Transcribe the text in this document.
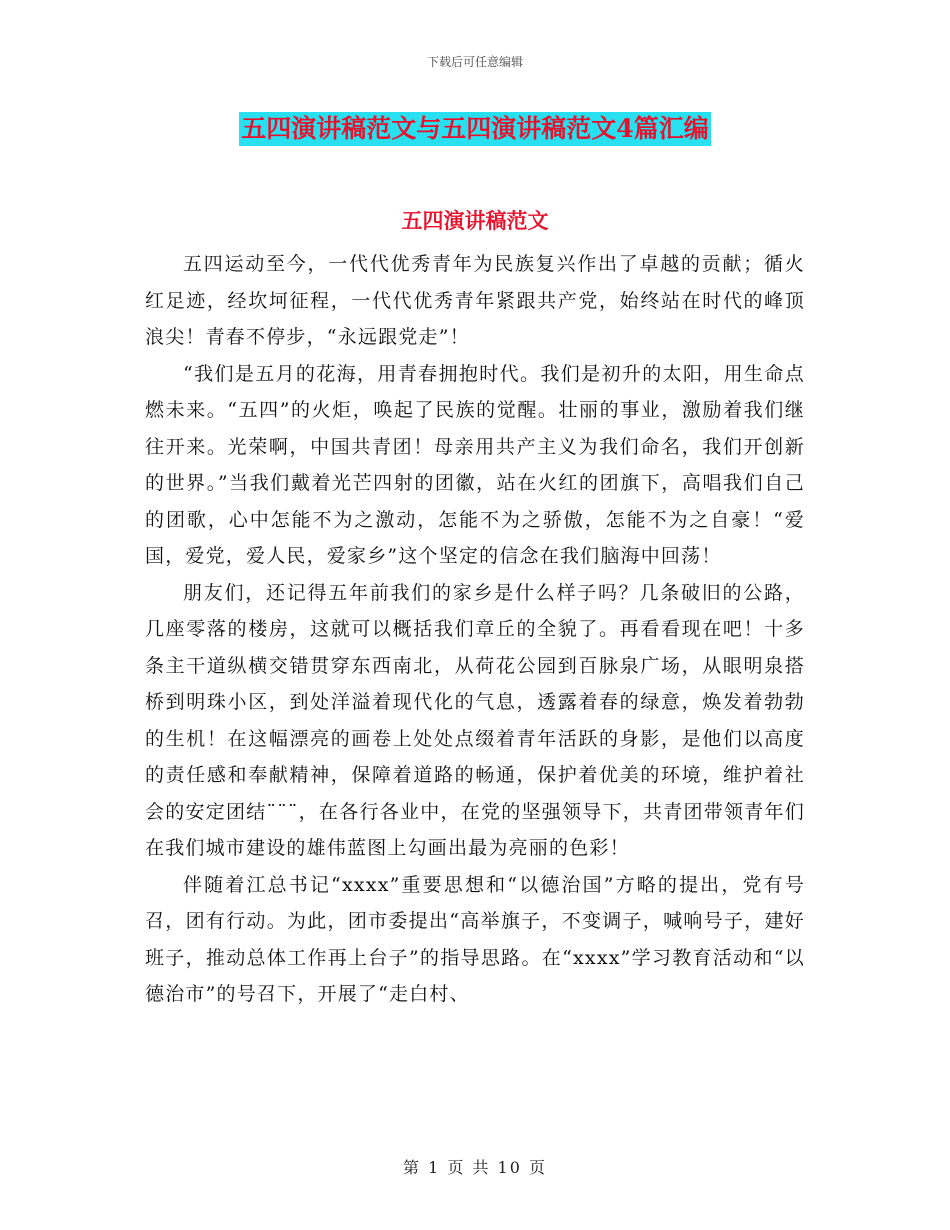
下载后可任意编辑
五四演讲稿范文与五四演讲稿范文4篇汇编
五四演讲稿范文

五四运动至今，一代代优秀青年为民族复兴作出了卓越的贡献；循火红足迹，经坎坷征程，一代代优秀青年紧跟共产党，始终站在时代的峰顶浪尖！青春不停步，“永远跟党走”！

“我们是五月的花海，用青春拥抱时代。我们是初升的太阳，用生命点燃未来。“五四”的火炬，唤起了民族的觉醒。壮丽的事业，激励着我们继往开来。光荣啊，中国共青团！母亲用共产主义为我们命名，我们开创新的世界。”当我们戴着光芒四射的团徽，站在火红的团旗下，高唱我们自己的团歌，心中怎能不为之激动，怎能不为之骄傲，怎能不为之自豪！“爱国，爱党，爱人民，爱家乡”这个坚定的信念在我们脑海中回荡！

朋友们，还记得五年前我们的家乡是什么样子吗？几条破旧的公路，几座零落的楼房，这就可以概括我们章丘的全貌了。再看看现在吧！十多条主干道纵横交错贯穿东西南北，从荷花公园到百脉泉广场，从眼明泉搭桥到明珠小区，到处洋溢着现代化的气息，透露着春的绿意，焕发着勃勃的生机！在这幅漂亮的画卷上处处点缀着青年活跃的身影，是他们以高度的责任感和奉献精神，保障着道路的畅通，保护着优美的环境，维护着社会的安定团结¨¨¨，在各行各业中，在党的坚强领导下，共青团带领青年们在我们城市建设的雄伟蓝图上勾画出最为亮丽的色彩！

伴随着江总书记“xxxx”重要思想和“以德治国”方略的提出，党有号召，团有行动。为此，团市委提出“高举旗子，不变调子，喊响号子，建好班子，推动总体工作再上台子”的指导思路。在“xxxx”学习教育活动和“以德治市”的号召下，开展了“走白村、

第 1 页 共 10 页
